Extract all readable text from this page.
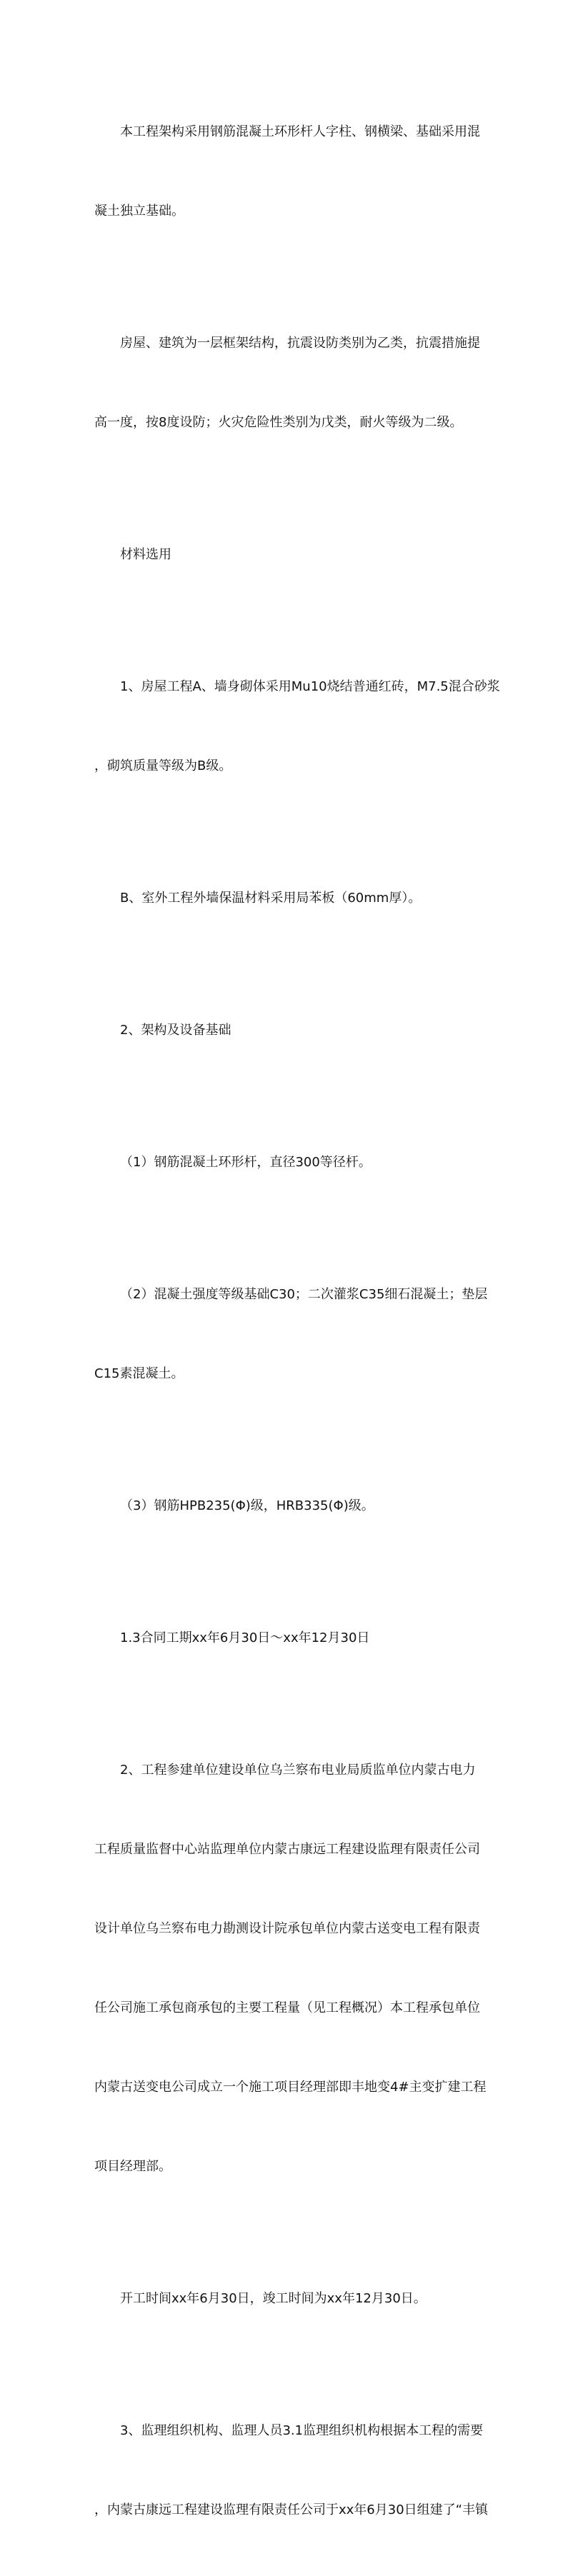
本工程架构采用钢筋混凝土环形杆人字柱、钢横梁、基础采用混

凝土独立基础。

房屋、建筑为一层框架结构，抗震设防类别为乙类，抗震措施提

高一度，按8度设防；火灾危险性类别为戊类，耐火等级为二级。

材料选用

1、房屋工程A、墙身砌体采用Mu10烧结普通红砖，M7.5混合砂浆

，砌筑质量等级为B级。

B、室外工程外墙保温材料采用局苯板（60mm厚）。

2、架构及设备基础

（1）钢筋混凝土环形杆，直径300等径杆。

（2）混凝土强度等级基础C30；二次灌浆C35细石混凝土；垫层

C15素混凝土。

（3）钢筋HPB235(Φ)级，HRB335(Φ)级。

1.3合同工期xx年6月30日～xx年12月30日

2、工程参建单位建设单位乌兰察布电业局质监单位内蒙古电力

工程质量监督中心站监理单位内蒙古康远工程建设监理有限责任公司

设计单位乌兰察布电力勘测设计院承包单位内蒙古送变电工程有限责

任公司施工承包商承包的主要工程量（见工程概况）本工程承包单位

内蒙古送变电公司成立一个施工项目经理部即丰地变4#主变扩建工程

项目经理部。

开工时间xx年6月30日，竣工时间为xx年12月30日。

3、监理组织机构、监理人员3.1监理组织机构根据本工程的需要

，内蒙古康远工程建设监理有限责任公司于xx年6月30日组建了“丰镇
